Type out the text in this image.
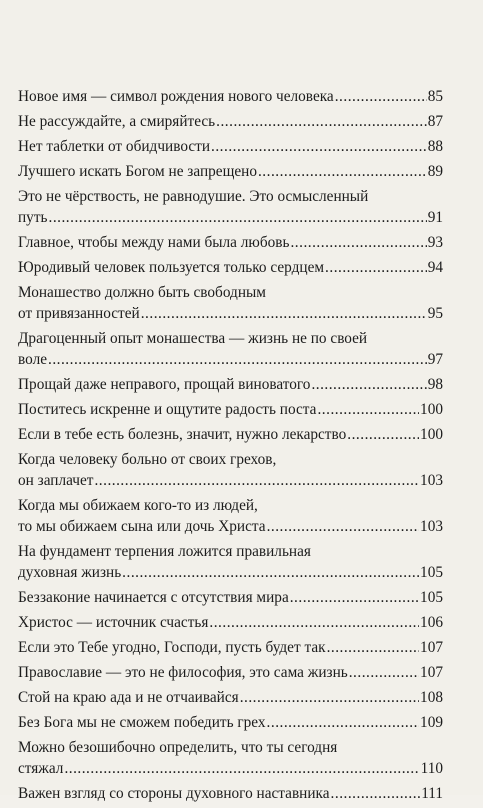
Новое имя — символ рождения нового человека .....	85
Не рассуждайте, а смиряйтесь .....	87
Нет таблетки от обидчивости .....	88
Лучшего искать Богом не запрещено .....	89
Это не чёрствость, не равнодушие. Это осмысленный
путь .....	91
Главное, чтобы между нами была любовь .....	93
Юродивый человек пользуется только сердцем .....	94
Монашество должно быть свободным
от привязанностей .....	95
Драгоценный опыт монашества — жизнь не по своей
воле .....	97
Прощай даже неправого, прощай виноватого .....	98
Поститесь искренне и ощутите радость поста .....	100
Если в тебе есть болезнь, значит, нужно лекарство .....	100
Когда человеку больно от своих грехов,
он заплачет .....	103
Когда мы обижаем кого-то из людей,
то мы обижаем сына или дочь Христа .....	103
На фундамент терпения ложится правильная
духовная жизнь .....	105
Беззаконие начинается с отсутствия мира .....	105
Христос — источник счастья .....	106
Если это Тебе угодно, Господи, пусть будет так .....	107
Православие — это не философия, это сама жизнь .....	107
Стой на краю ада и не отчаивайся .....	108
Без Бога мы не сможем победить грех .....	109
Можно безошибочно определить, что ты сегодня
стяжал .....	110
Важен взгляд со стороны духовного наставника .....	111
